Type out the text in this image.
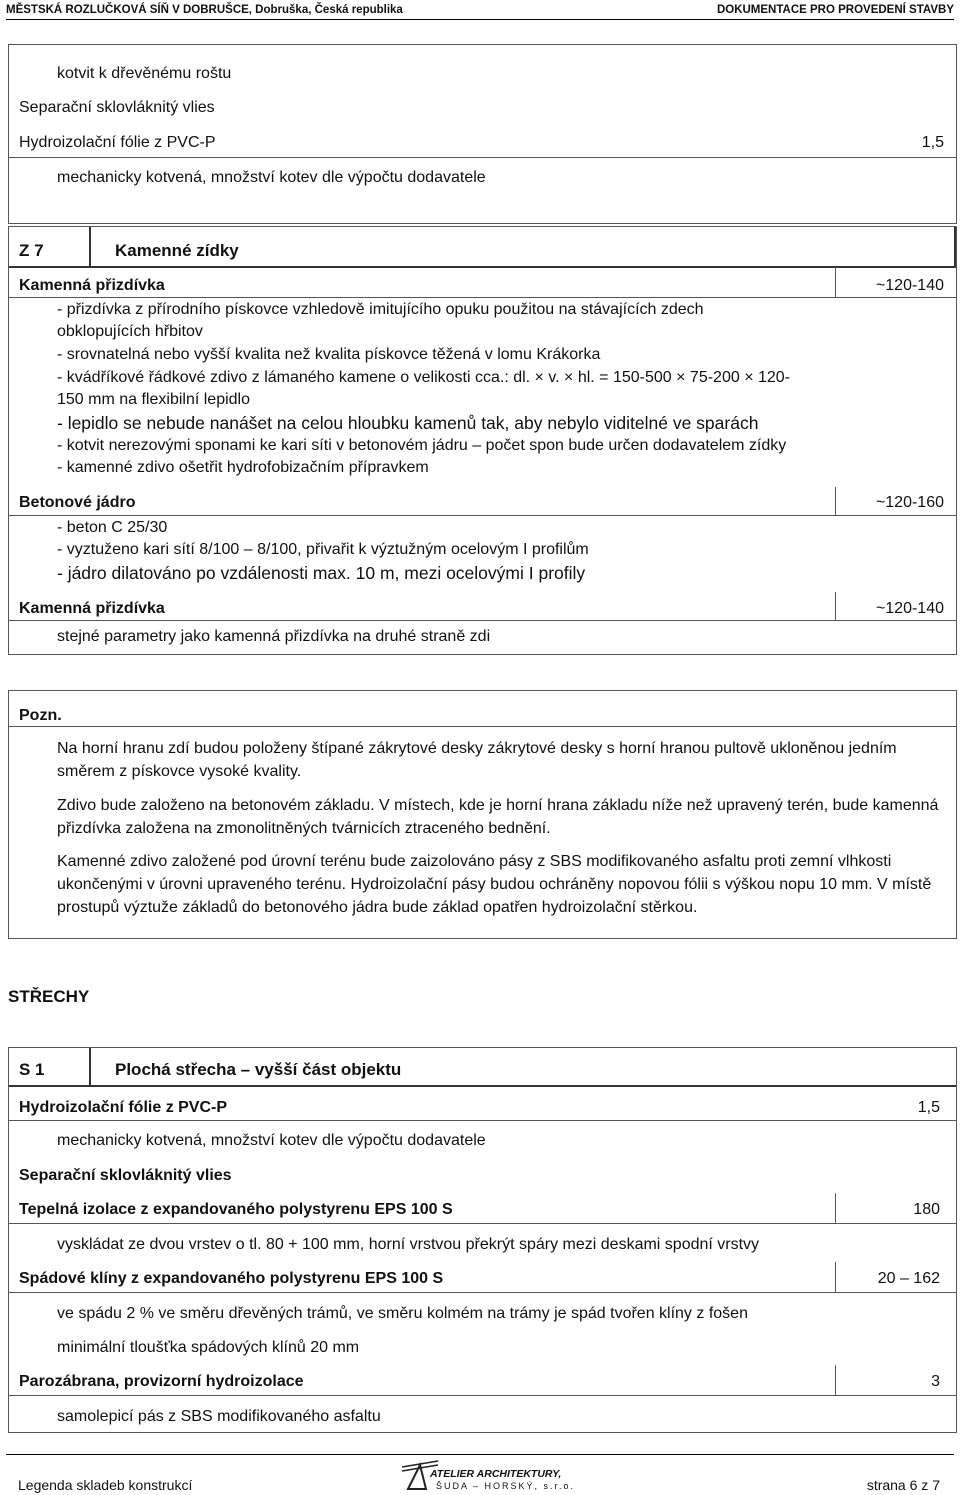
MĚSTSKÁ ROZLUČKOVÁ SÍŇ V DOBRUŠCE, Dobruška, Česká republika	DOKUMENTACE PRO PROVEDENÍ STAVBY
kotvit k dřevěnému roštu
Separační sklovláknitý vlies
Hydroizolační fólie z PVC-P	1,5
mechanicky kotvená, množství kotev dle výpočtu dodavatele
Z 7	Kamenné zídky
Kamenná přizdívka	~120-140
- přizdívka z přírodního pískovce vzhledově imitujícího opuku použitou na stávajících zdech
obklopujících hřbitov
- srovnatelná nebo vyšší kvalita než kvalita pískovce těžená v lomu Krákorka
- kvádříkové řádkové zdivo z lámaného kamene o velikosti cca.: dl. × v. × hl. = 150-500 × 75-200 × 120-
150 mm na flexibilní lepidlo
- lepidlo se nebude nanášet na celou hloubku kamenů tak, aby nebylo viditelné ve sparách
- kotvit nerezovými sponami ke kari síti v betonovém jádru – počet spon bude určen dodavatelem zídky
- kamenné zdivo ošetřit hydrofobizačním přípravkem
Betonové jádro	~120-160
- beton C 25/30
- vyztuženo kari sítí 8/100 – 8/100, přivařit k výztužným ocelovým I profilům
- jádro dilatováno po vzdálenosti max. 10 m, mezi ocelovými I profily
Kamenná přizdívka	~120-140
stejné parametry jako kamenná přizdívka na druhé straně zdi
Pozn.
Na horní hranu zdí budou položeny štípané zákrytové desky zákrytové desky s horní hranou pultově ukloněnou jedním směrem z pískovce vysoké kvality.
Zdivo bude založeno na betonovém základu. V místech, kde je horní hrana základu níže než upravený terén, bude kamenná přizdívka založena na zmonolitněných tvárnicích ztraceného bednění.
Kamenné zdivo založené pod úrovní terénu bude zaizolováno pásy z SBS modifikovaného asfaltu proti zemní vlhkosti ukončenými v úrovni upraveného terénu. Hydroizolační pásy budou ochráněny nopovou fólii s výškou nopu 10 mm. V místě prostupů výztuže základů do betonového jádra bude základ opatřen hydroizolační stěrkou.
STŘECHY
S 1	Plochá střecha – vyšší část objektu
Hydroizolační fólie z PVC-P	1,5
mechanicky kotvená, množství kotev dle výpočtu dodavatele
Separační sklovláknitý vlies
Tepelná izolace z expandovaného polystyrenu EPS 100 S	180
vyskládat ze dvou vrstev o tl. 80 + 100 mm, horní vrstvou překrýt spáry mezi deskami spodní vrstvy
Spádové klíny z expandovaného polystyrenu EPS 100 S	20 – 162
ve spádu 2 % ve směru dřevěných trámů, ve směru kolmém na trámy je spád tvořen klíny z fošen
minimální tloušťka spádových klínů 20 mm
Parozábrana, provizorní hydroizolace	3
samolepicí pás z SBS modifikovaného asfaltu
Legenda skladeb konstrukcí
ATELIER ARCHITEKTURY,
ŠUDA – HORSKÝ, s.r.o.	strana 6 z 7
